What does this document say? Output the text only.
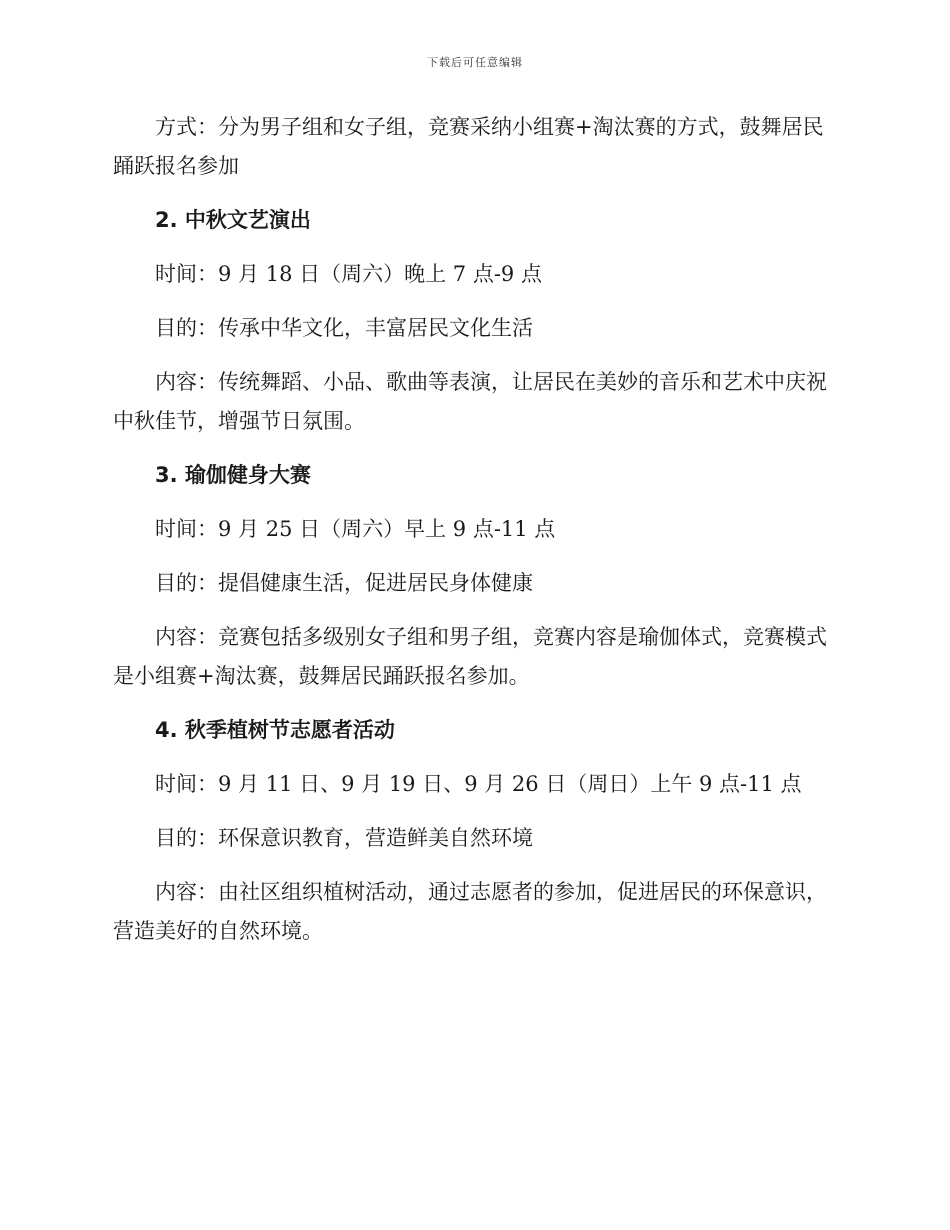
下载后可任意编辑

方式：分为男子组和女子组，竞赛采纳小组赛+淘汰赛的方式，鼓舞居民踊跃报名参加

2. 中秋文艺演出

时间：9 月 18 日（周六）晚上 7 点-9 点

目的：传承中华文化，丰富居民文化生活

内容：传统舞蹈、小品、歌曲等表演，让居民在美妙的音乐和艺术中庆祝中秋佳节，增强节日氛围。

3. 瑜伽健身大赛

时间：9 月 25 日（周六）早上 9 点-11 点

目的：提倡健康生活，促进居民身体健康

内容：竞赛包括多级别女子组和男子组，竞赛内容是瑜伽体式，竞赛模式是小组赛+淘汰赛，鼓舞居民踊跃报名参加。

4. 秋季植树节志愿者活动

时间：9 月 11 日、9 月 19 日、9 月 26 日（周日）上午 9 点-11 点

目的：环保意识教育，营造鲜美自然环境

内容：由社区组织植树活动，通过志愿者的参加，促进居民的环保意识，营造美好的自然环境。
